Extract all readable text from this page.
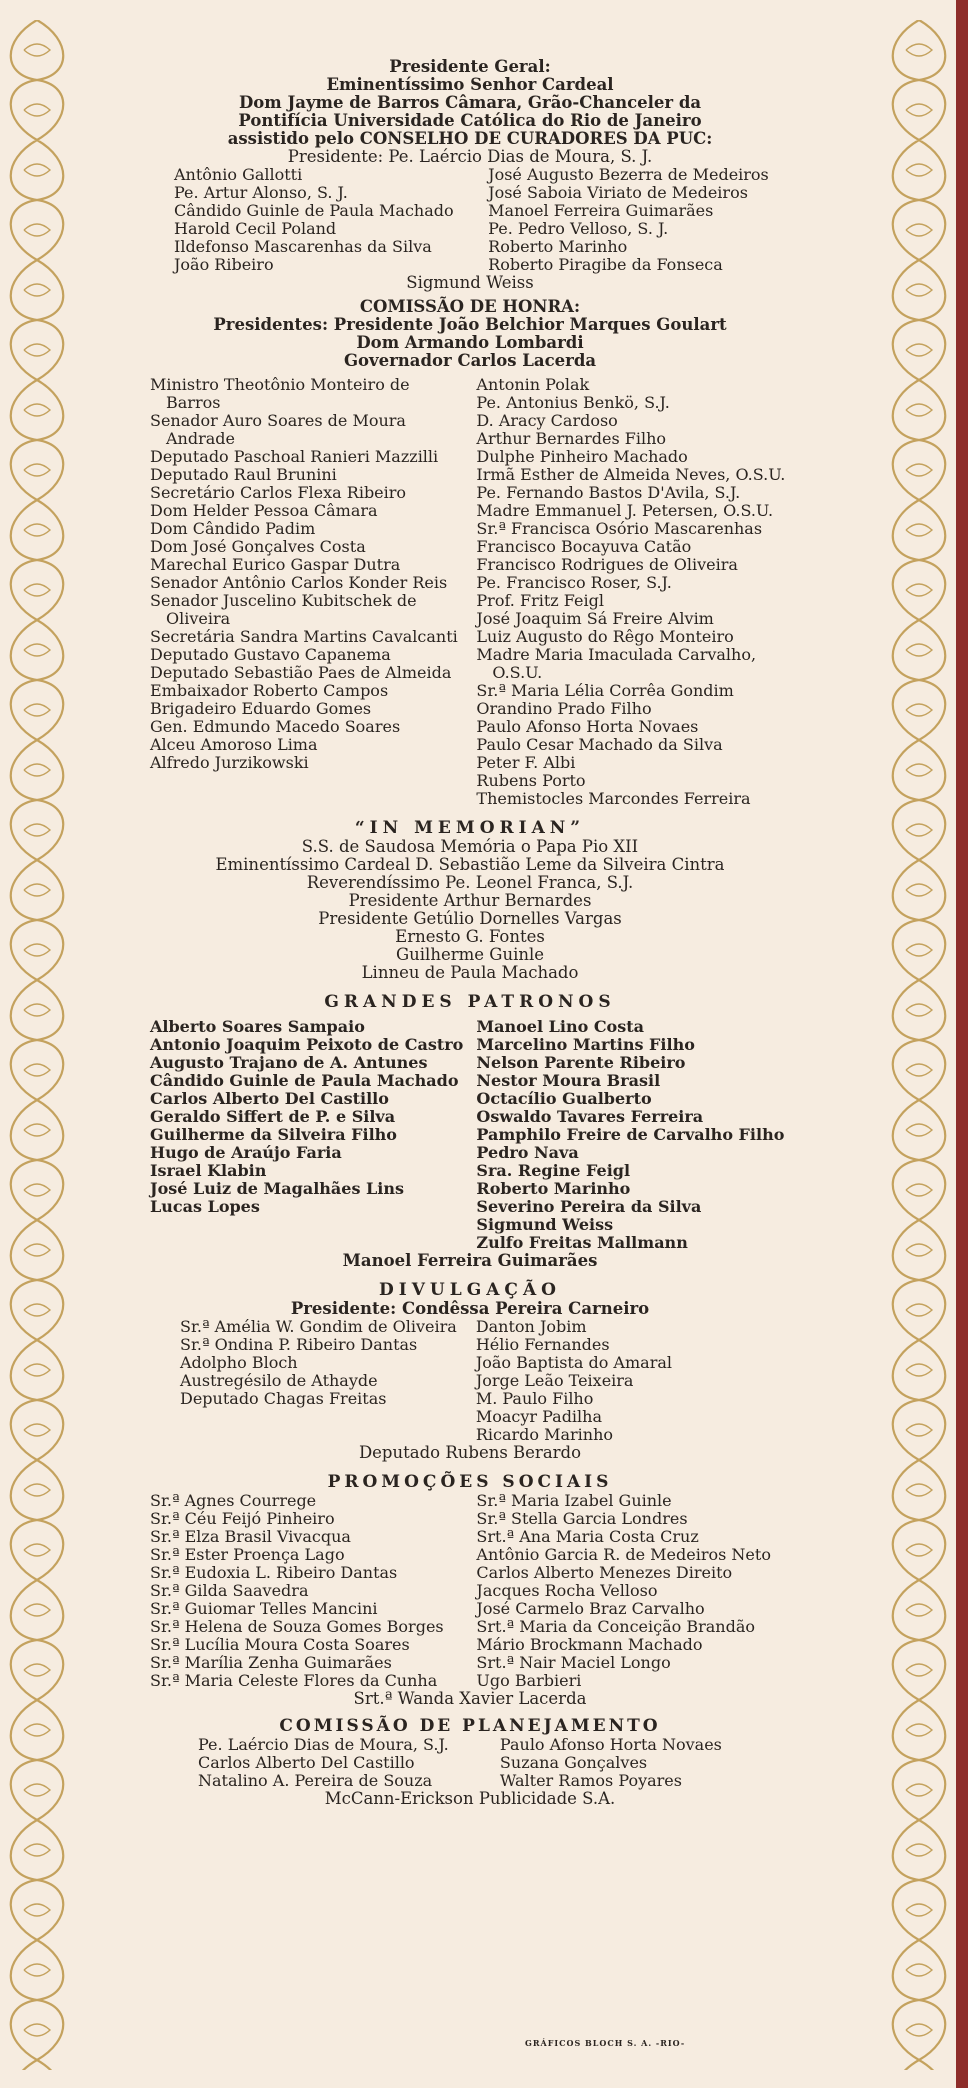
Presidente Geral:
Eminentíssimo Senhor Cardeal
Dom Jayme de Barros Câmara, Grão-Chanceler da
Pontifícia Universidade Católica do Rio de Janeiro
assistido pelo CONSELHO DE CURADORES DA PUC:
Presidente: Pe. Laércio Dias de Moura, S. J.
Antônio Gallotti
Pe. Artur Alonso, S. J.
Cândido Guinle de Paula Machado
Harold Cecil Poland
Ildefonso Mascarenhas da Silva
João Ribeiro
José Augusto Bezerra de Medeiros
José Saboia Viriato de Medeiros
Manoel Ferreira Guimarães
Pe. Pedro Velloso, S. J.
Roberto Marinho
Roberto Piragibe da Fonseca
Sigmund Weiss
COMISSÃO DE HONRA:
Presidentes: Presidente João Belchior Marques Goulart
Dom Armando Lombardi
Governador Carlos Lacerda
Ministro Theotônio Monteiro de Barros
Senador Auro Soares de Moura Andrade
Deputado Paschoal Ranieri Mazzilli
Deputado Raul Brunini
Secretário Carlos Flexa Ribeiro
Dom Helder Pessoa Câmara
Dom Cândido Padim
Dom José Gonçalves Costa
Marechal Eurico Gaspar Dutra
Senador Antônio Carlos Konder Reis
Senador Juscelino Kubitschek de Oliveira
Secretária Sandra Martins Cavalcanti
Deputado Gustavo Capanema
Deputado Sebastião Paes de Almeida
Embaixador Roberto Campos
Brigadeiro Eduardo Gomes
Gen. Edmundo Macedo Soares
Alceu Amoroso Lima
Alfredo Jurzikowski
Antonin Polak
Pe. Antonius Benkö, S.J.
D. Aracy Cardoso
Arthur Bernardes Filho
Dulphe Pinheiro Machado
Irmã Esther de Almeida Neves, O.S.U.
Pe. Fernando Bastos D'Avila, S.J.
Madre Emmanuel J. Petersen, O.S.U.
Sr.ª Francisca Osório Mascarenhas
Francisco Bocayuva Catão
Francisco Rodrigues de Oliveira
Pe. Francisco Roser, S.J.
Prof. Fritz Feigl
José Joaquim Sá Freire Alvim
Luiz Augusto do Rêgo Monteiro
Madre Maria Imaculada Carvalho, O.S.U.
Sr.ª Maria Lélia Corrêa Gondim
Orandino Prado Filho
Paulo Afonso Horta Novaes
Paulo Cesar Machado da Silva
Peter F. Albi
Rubens Porto
Themistocles Marcondes Ferreira
“IN MEMORIAN”
S.S. de Saudosa Memória o Papa Pio XII
Eminentíssimo Cardeal D. Sebastião Leme da Silveira Cintra
Reverendíssimo Pe. Leonel Franca, S.J.
Presidente Arthur Bernardes
Presidente Getúlio Dornelles Vargas
Ernesto G. Fontes
Guilherme Guinle
Linneu de Paula Machado
GRANDES PATRONOS
Alberto Soares Sampaio
Antonio Joaquim Peixoto de Castro
Augusto Trajano de A. Antunes
Cândido Guinle de Paula Machado
Carlos Alberto Del Castillo
Geraldo Siffert de P. e Silva
Guilherme da Silveira Filho
Hugo de Araújo Faria
Israel Klabin
José Luiz de Magalhães Lins
Lucas Lopes
Manoel Lino Costa
Marcelino Martins Filho
Nelson Parente Ribeiro
Nestor Moura Brasil
Octacílio Gualberto
Oswaldo Tavares Ferreira
Pamphilo Freire de Carvalho Filho
Pedro Nava
Sra. Regine Feigl
Roberto Marinho
Severino Pereira da Silva
Sigmund Weiss
Zulfo Freitas Mallmann
Manoel Ferreira Guimarães
DIVULGAÇÃO
Presidente: Condêssa Pereira Carneiro
Sr.ª Amélia W. Gondim de Oliveira
Sr.ª Ondina P. Ribeiro Dantas
Adolpho Bloch
Austregésilo de Athayde
Deputado Chagas Freitas
Danton Jobim
Hélio Fernandes
João Baptista do Amaral
Jorge Leão Teixeira
M. Paulo Filho
Moacyr Padilha
Ricardo Marinho
Deputado Rubens Berardo
PROMOÇÕES SOCIAIS
Sr.ª Agnes Courrege
Sr.ª Céu Feijó Pinheiro
Sr.ª Elza Brasil Vivacqua
Sr.ª Ester Proença Lago
Sr.ª Eudoxia L. Ribeiro Dantas
Sr.ª Gilda Saavedra
Sr.ª Guiomar Telles Mancini
Sr.ª Helena de Souza Gomes Borges
Sr.ª Lucília Moura Costa Soares
Sr.ª Marília Zenha Guimarães
Sr.ª Maria Celeste Flores da Cunha
Sr.ª Maria Izabel Guinle
Sr.ª Stella Garcia Londres
Srt.ª Ana Maria Costa Cruz
Antônio Garcia R. de Medeiros Neto
Carlos Alberto Menezes Direito
Jacques Rocha Velloso
José Carmelo Braz Carvalho
Srt.ª Maria da Conceição Brandão
Mário Brockmann Machado
Srt.ª Nair Maciel Longo
Ugo Barbieri
Srt.ª Wanda Xavier Lacerda
COMISSÃO DE PLANEJAMENTO
Pe. Laércio Dias de Moura, S.J.
Carlos Alberto Del Castillo
Natalino A. Pereira de Souza
Paulo Afonso Horta Novaes
Suzana Gonçalves
Walter Ramos Poyares
McCann-Erickson Publicidade S.A.
GRÁFICOS BLOCH S. A. -RIO-
